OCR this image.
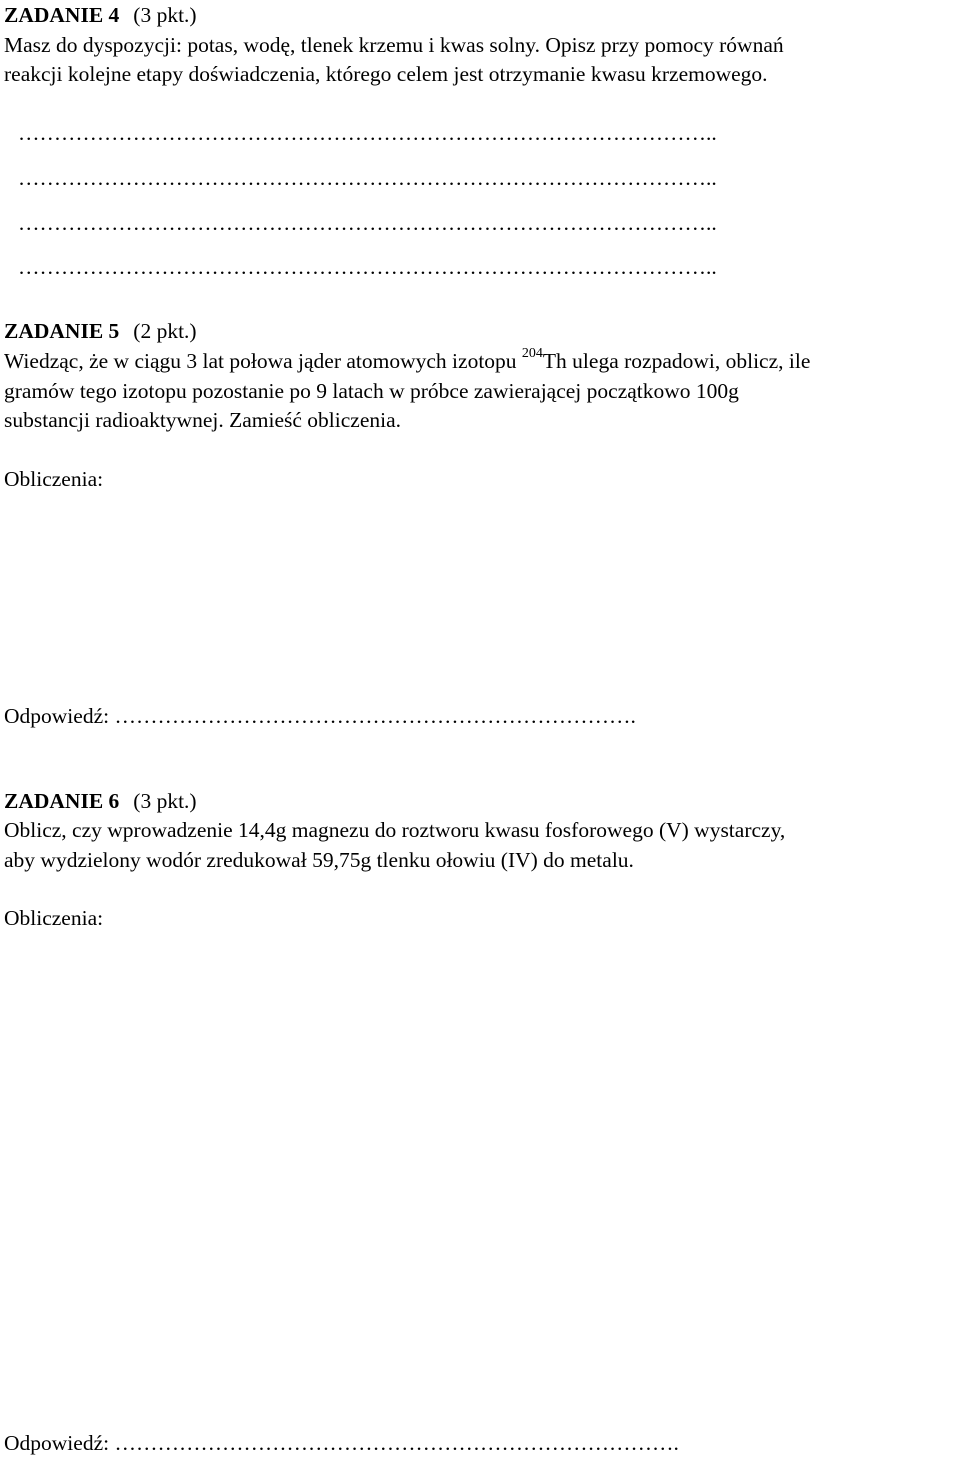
ZADANIE 4 (3 pkt.)
Masz do dyspozycji: potas, wodę, tlenek krzemu i kwas solny. Opisz przy pomocy równań
reakcji kolejne etapy doświadczenia, którego celem jest otrzymanie kwasu krzemowego.
……………………………………………………………………………………..
……………………………………………………………………………………..
……………………………………………………………………………………..
……………………………………………………………………………………..
ZADANIE 5 (2 pkt.)
Wiedząc, że w ciągu 3 lat połowa jąder atomowych izotopu $^{204}$Th ulega rozpadowi, oblicz, ile
gramów tego izotopu pozostanie po 9 latach w próbce zawierającej początkowo 100g
substancji radioaktywnej. Zamieść obliczenia.
Obliczenia:
Odpowiedź: ……………………………………………………………….
ZADANIE 6 (3 pkt.)
Oblicz, czy wprowadzenie 14,4g magnezu do roztworu kwasu fosforowego (V) wystarczy,
aby wydzielony wodór zredukował 59,75g tlenku ołowiu (IV) do metalu.
Obliczenia:
Odpowiedź: …………………………………………………………………….
